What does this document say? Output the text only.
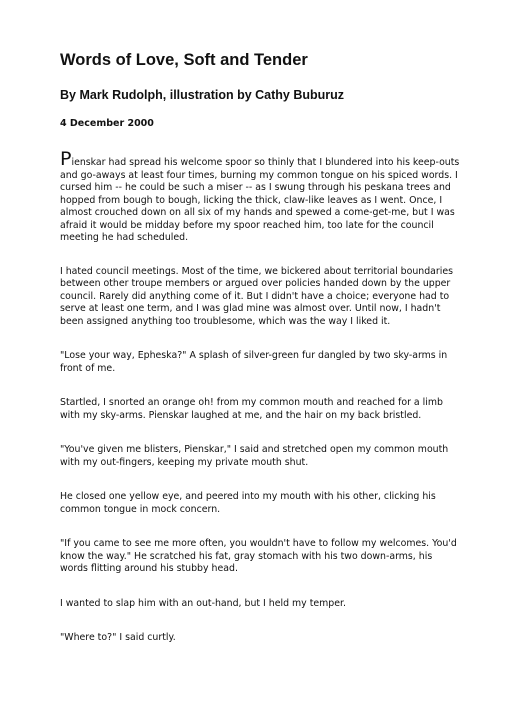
Words of Love, Soft and Tender
By Mark Rudolph, illustration by Cathy Buburuz
4 December 2000

Pienskar had spread his welcome spoor so thinly that I blundered into his keep-outs and go-aways at least four times, burning my common tongue on his spiced words. I cursed him -- he could be such a miser -- as I swung through his peskana trees and hopped from bough to bough, licking the thick, claw-like leaves as I went. Once, I almost crouched down on all six of my hands and spewed a come-get-me, but I was afraid it would be midday before my spoor reached him, too late for the council meeting he had scheduled.

I hated council meetings. Most of the time, we bickered about territorial boundaries between other troupe members or argued over policies handed down by the upper council. Rarely did anything come of it. But I didn't have a choice; everyone had to serve at least one term, and I was glad mine was almost over. Until now, I hadn't been assigned anything too troublesome, which was the way I liked it.

"Lose your way, Epheska?" A splash of silver-green fur dangled by two sky-arms in front of me.

Startled, I snorted an orange oh! from my common mouth and reached for a limb with my sky-arms. Pienskar laughed at me, and the hair on my back bristled.

"You've given me blisters, Pienskar," I said and stretched open my common mouth with my out-fingers, keeping my private mouth shut.

He closed one yellow eye, and peered into my mouth with his other, clicking his common tongue in mock concern.

"If you came to see me more often, you wouldn't have to follow my welcomes. You'd know the way." He scratched his fat, gray stomach with his two down-arms, his words flitting around his stubby head.

I wanted to slap him with an out-hand, but I held my temper.

"Where to?" I said curtly.
